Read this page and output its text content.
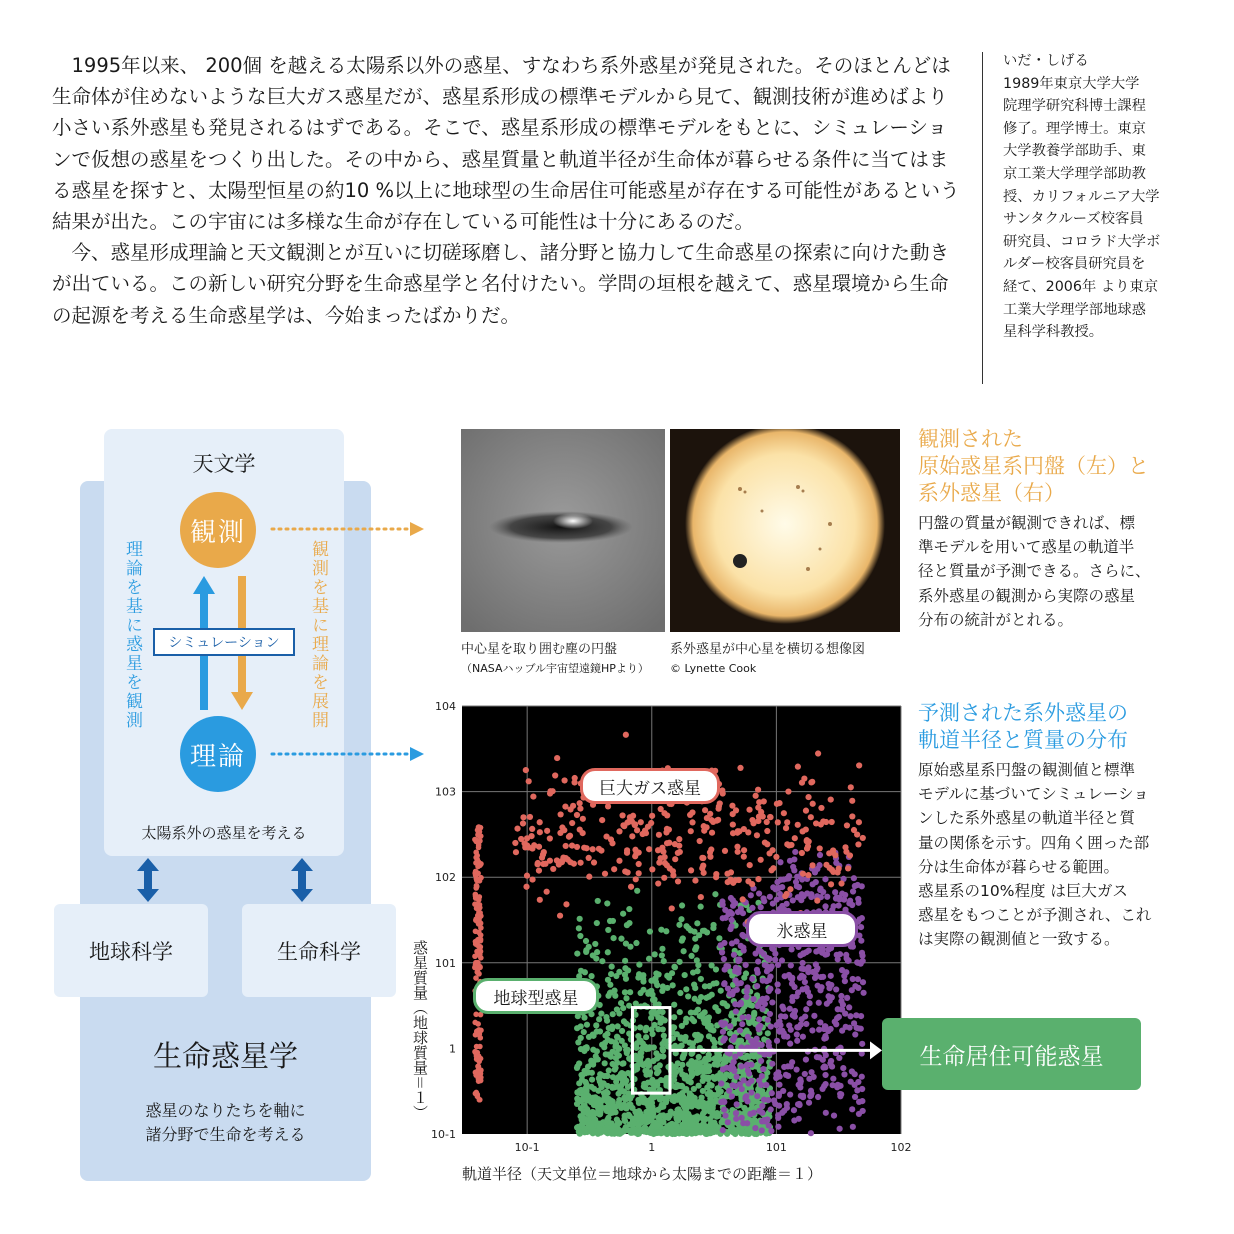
1995年以来、 200個 を越える太陽系以外の惑星、すなわち系外惑星が発見された。そのほとんどは生命体が住めないような巨大ガス惑星だが、惑星系形成の標準モデルから見て、観測技術が進めばより小さい系外惑星も発見されるはずである。そこで、惑星系形成の標準モデルをもとに、シミュレーションで仮想の惑星をつくり出した。その中から、惑星質量と軌道半径が生命体が暮らせる条件に当てはまる惑星を探すと、太陽型恒星の約10 %以上に地球型の生命居住可能惑星が存在する可能性があるという結果が出た。この宇宙には多様な生命が存在している可能性は十分にあるのだ。

今、惑星形成理論と天文観測とが互いに切磋琢磨し、諸分野と協力して生命惑星の探索に向けた動きが出ている。この新しい研究分野を生命惑星学と名付けたい。学問の垣根を越えて、惑星環境から生命の起源を考える生命惑星学は、今始まったばかりだ。

いだ・しげる
1989年東京大学大学
院理学研究科博士課程
修了。理学博士。東京
大学教養学部助手、東
京工業大学理学部助教
授、カリフォルニア大学
サンタクルーズ校客員
研究員、コロラド大学ボ
ルダー校客員研究員を
経て、2006年 より東京
工業大学理学部地球惑
星科学科教授。
天文学
観測
理論
シミュレーション
理論を基に惑星を観測	観測を基に理論を展開
太陽系外の惑星を考える
地球科学	生命科学
生命惑星学
惑星のなりたちを軸に
諸分野で生命を考える
中心星を取り囲む塵の円盤
（NASAハッブル宇宙望遠鏡HPより）
系外惑星が中心星を横切る想像図
© Lynette Cook
観測された
原始惑星系円盤（左）と
系外惑星（右）
円盤の質量が観測できれば、標
準モデルを用いて惑星の軌道半
径と質量が予測できる。さらに、
系外惑星の観測から実際の惑星
分布の統計がとれる。
予測された系外惑星の
軌道半径と質量の分布
原始惑星系円盤の観測値と標準
モデルに基づいてシミュレーショ
ンした系外惑星の軌道半径と質
量の関係を示す。四角く囲った部
分は生命体が暮らせる範囲。
惑星系の10%程度 は巨大ガス
惑星をもつことが予測され、これ
は実際の観測値と一致する。
104
103
102
101
1
10-1
10-1	1	101	102
惑星質量（地球質量＝１）
軌道半径（天文単位＝地球から太陽までの距離＝１）
巨大ガス惑星
氷惑星
地球型惑星
生命居住可能惑星
